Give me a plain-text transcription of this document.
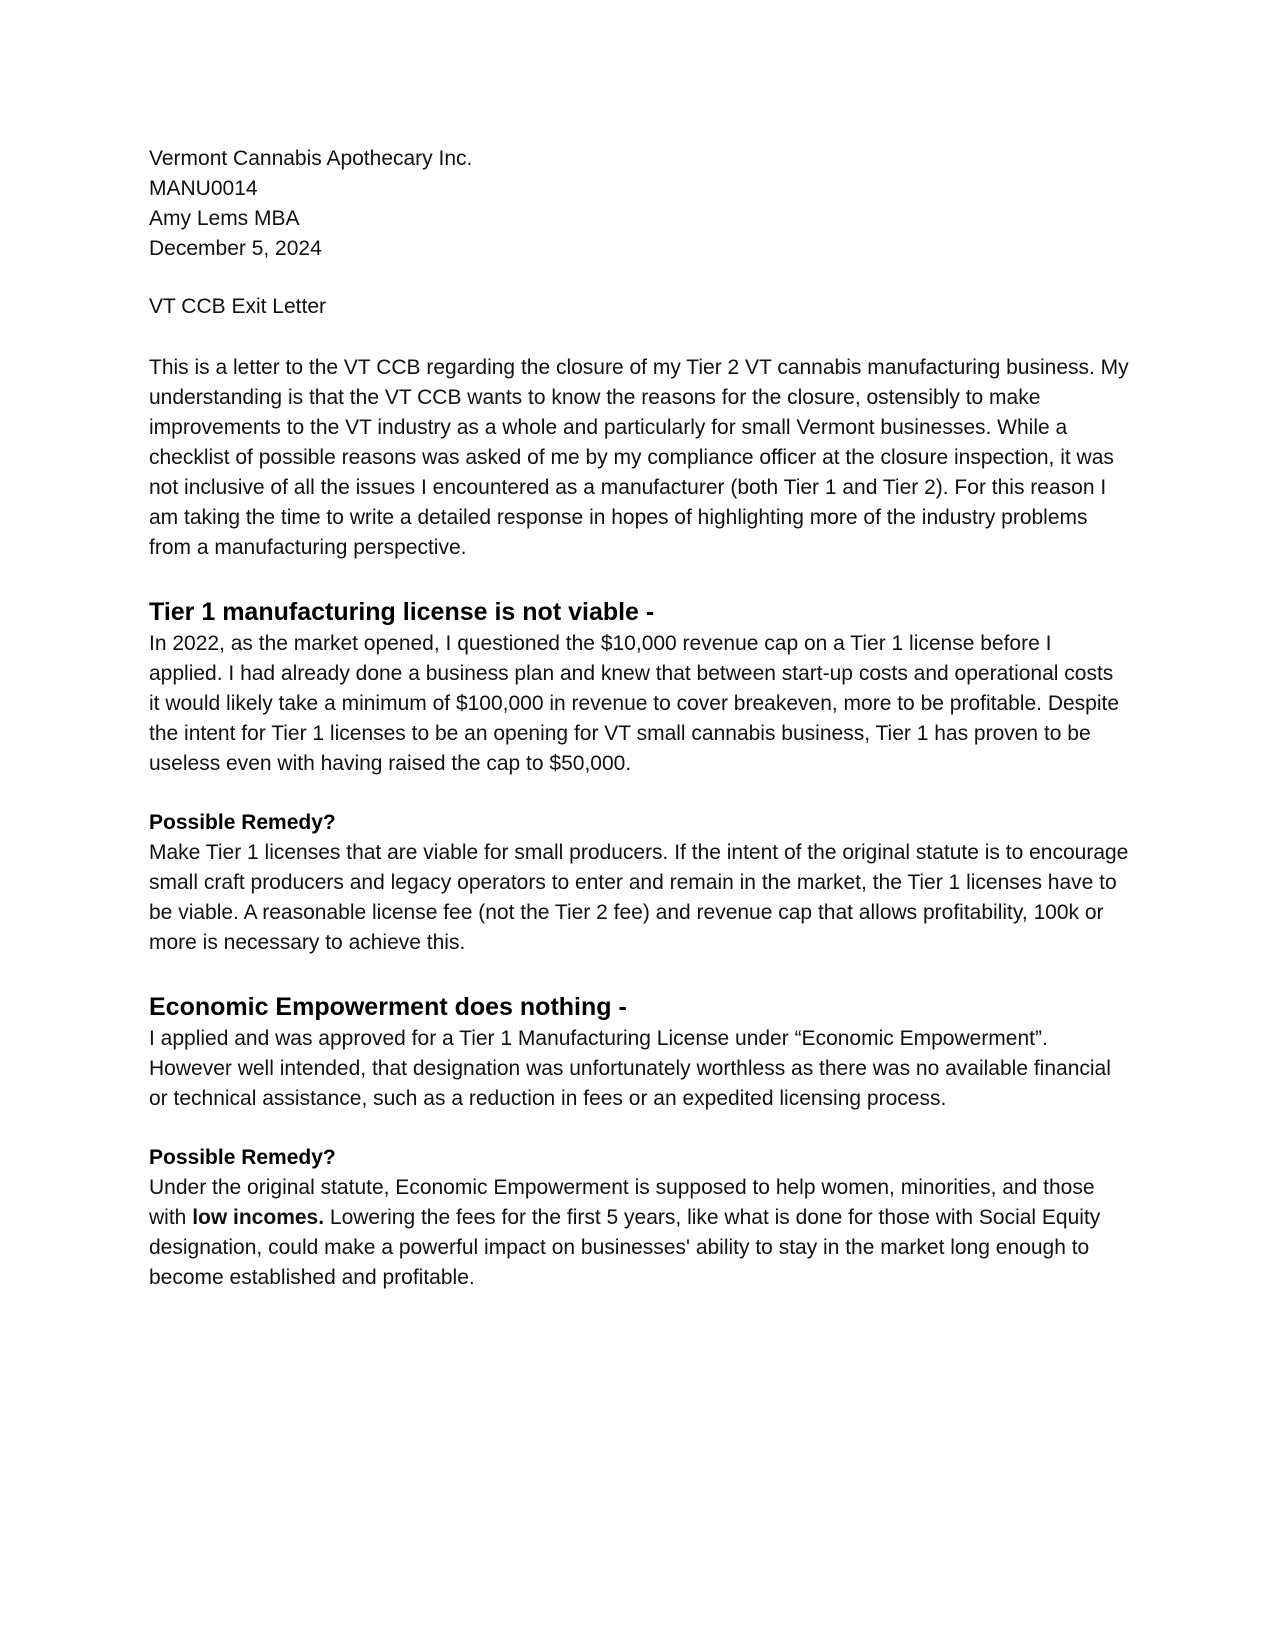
Vermont Cannabis Apothecary Inc.

MANU0014

Amy Lems MBA

December 5, 2024

VT CCB Exit Letter

This is a letter to the VT CCB regarding the closure of my Tier 2 VT cannabis manufacturing business. My understanding is that the VT CCB wants to know the reasons for the closure, ostensibly to make improvements to the VT industry as a whole and particularly for small Vermont businesses. While a checklist of possible reasons was asked of me by my compliance officer at the closure inspection, it was not inclusive of all the issues I encountered as a manufacturer (both Tier 1 and Tier 2). For this reason I am taking the time to write a detailed response in hopes of highlighting more of the industry problems from a manufacturing perspective.

Tier 1 manufacturing license is not viable -

In 2022, as the market opened, I questioned the $10,000 revenue cap on a Tier 1 license before I applied. I had already done a business plan and knew that between start-up costs and operational costs it would likely take a minimum of $100,000 in revenue to cover breakeven, more to be profitable. Despite the intent for Tier 1 licenses to be an opening for VT small cannabis business, Tier 1 has proven to be useless even with having raised the cap to $50,000.

Possible Remedy?

Make Tier 1 licenses that are viable for small producers. If the intent of the original statute is to encourage small craft producers and legacy operators to enter and remain in the market, the Tier 1 licenses have to be viable. A reasonable license fee (not the Tier 2 fee) and revenue cap that allows profitability, 100k or more is necessary to achieve this.

Economic Empowerment does nothing -

I applied and was approved for a Tier 1 Manufacturing License under “Economic Empowerment”. However well intended, that designation was unfortunately worthless as there was no available financial or technical assistance, such as a reduction in fees or an expedited licensing process.

Possible Remedy?

Under the original statute, Economic Empowerment is supposed to help women, minorities, and those with low incomes. Lowering the fees for the first 5 years, like what is done for those with Social Equity designation, could make a powerful impact on businesses' ability to stay in the market long enough to become established and profitable.
